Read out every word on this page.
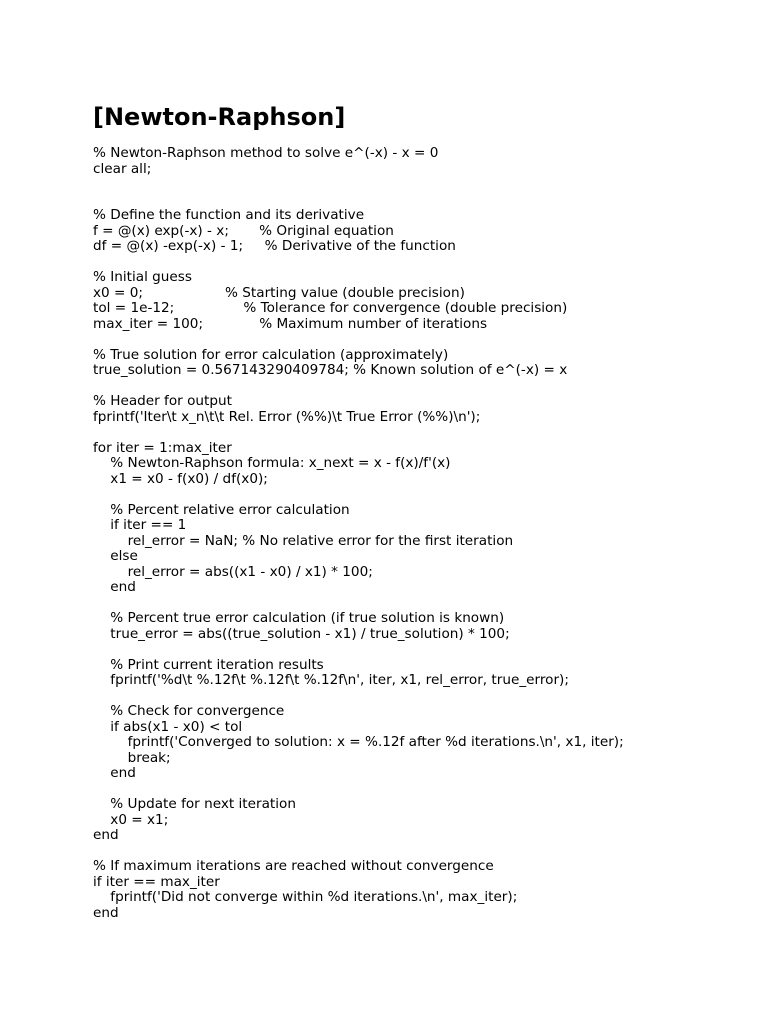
[Newton-Raphson]
% Newton-Raphson method to solve e^(-x) - x = 0
clear all;
% Define the function and its derivative
f = @(x) exp(-x) - x;       % Original equation
df = @(x) -exp(-x) - 1;     % Derivative of the function
% Initial guess
x0 = 0;                   % Starting value (double precision)
tol = 1e-12;                % Tolerance for convergence (double precision)
max_iter = 100;             % Maximum number of iterations
% True solution for error calculation (approximately)
true_solution = 0.567143290409784; % Known solution of e^(-x) = x
% Header for output
fprintf('Iter\t x_n\t\t Rel. Error (%%)\t True Error (%%)\n');
for iter = 1:max_iter
% Newton-Raphson formula: x_next = x - f(x)/f'(x)
x1 = x0 - f(x0) / df(x0);
% Percent relative error calculation
if iter == 1
rel_error = NaN; % No relative error for the first iteration
else
rel_error = abs((x1 - x0) / x1) * 100;
end
% Percent true error calculation (if true solution is known)
true_error = abs((true_solution - x1) / true_solution) * 100;
% Print current iteration results
fprintf('%d\t %.12f\t %.12f\t %.12f\n', iter, x1, rel_error, true_error);
% Check for convergence
if abs(x1 - x0) < tol
fprintf('Converged to solution: x = %.12f after %d iterations.\n', x1, iter);
break;
end
% Update for next iteration
x0 = x1;
end
% If maximum iterations are reached without convergence
if iter == max_iter
fprintf('Did not converge within %d iterations.\n', max_iter);
end
